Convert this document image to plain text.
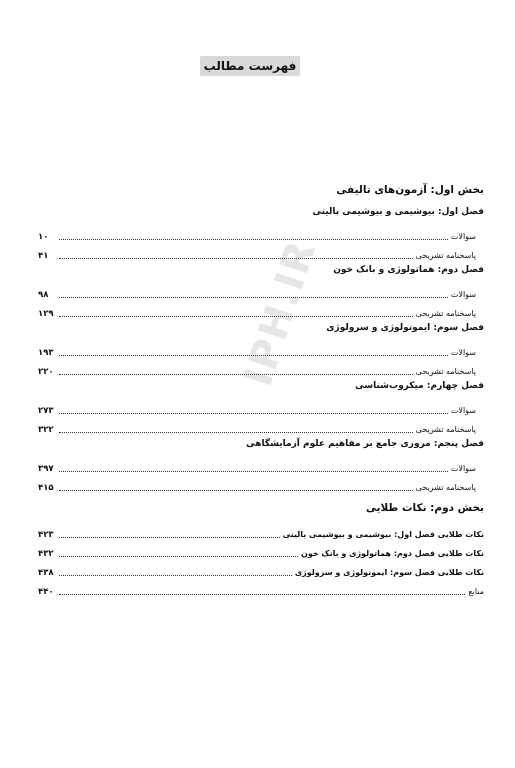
IPH.IR
فهرست مطالب
بخش اول: آزمون‌های تالیفی
فصل اول: بیوشیمی و بیوشیمی بالینی
سوالات
۱۰
پاسخنامه تشریحی
۴۱
فصل دوم: هماتولوژی و بانک خون
سوالات
۹۸
پاسخنامه تشریحی
۱۲۹
فصل سوم: ایمونولوژی و سرولوژی
سوالات
۱۹۳
پاسخنامه تشریحی
۲۲۰
فصل چهارم: میکروب‌شناسی
سوالات
۲۷۳
پاسخنامه تشریحی
۳۲۲
فصل پنجم: مروری جامع بر مفاهیم علوم آزمایشگاهی
سوالات
۳۹۷
پاسخنامه تشریحی
۴۱۵
بخش دوم: نکات طلایی
نکات طلایی فصل اول: بیوشیمی و بیوشیمی بالینی
۴۲۳
نکات طلایی فصل دوم: هماتولوژی و بانک خون
۴۳۲
نکات طلایی فصل سوم: ایمونولوژی و سرولوژی
۴۳۸
منابع
۴۴۰
